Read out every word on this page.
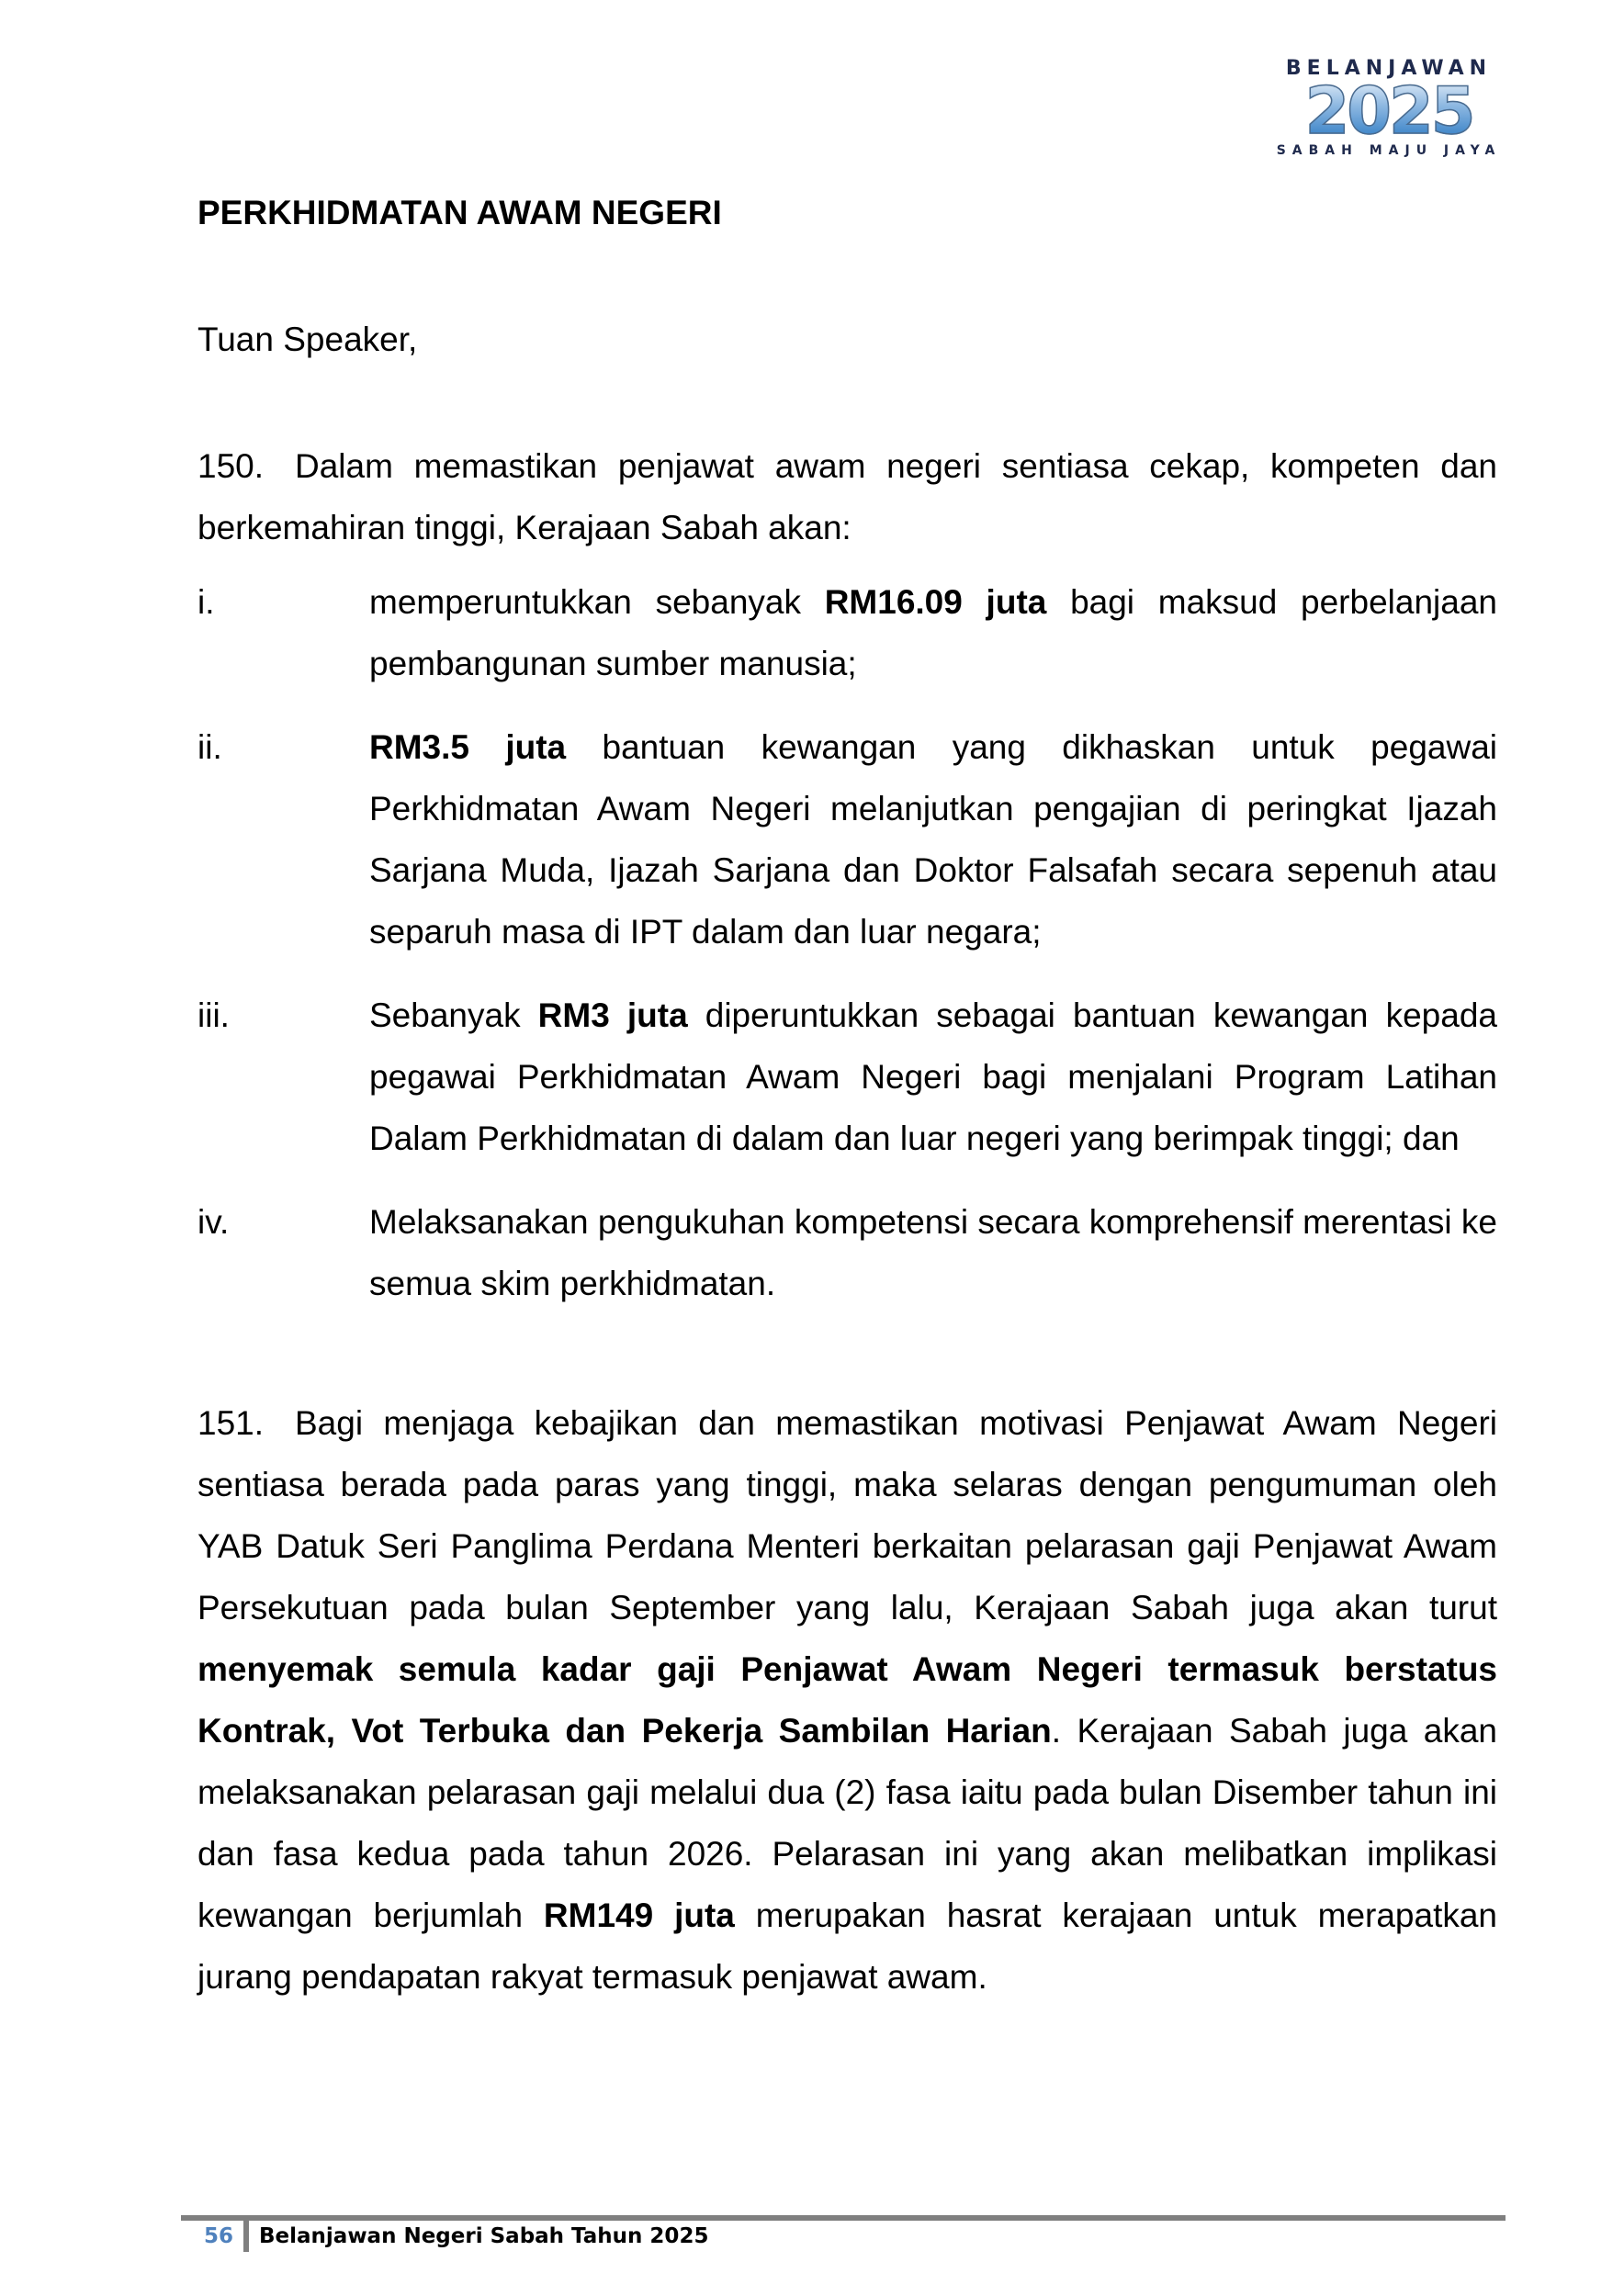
BELANJAWAN
2025
SABAH MAJU JAYA
PERKHIDMATAN AWAM NEGERI
Tuan Speaker,
150. Dalam memastikan penjawat awam negeri sentiasa cekap, kompeten dan berkemahiran tinggi, Kerajaan Sabah akan:
i.	memperuntukkan sebanyak RM16.09 juta bagi maksud perbelanjaan pembangunan sumber manusia;
ii.	RM3.5 juta bantuan kewangan yang dikhaskan untuk pegawai Perkhidmatan Awam Negeri melanjutkan pengajian di peringkat Ijazah Sarjana Muda, Ijazah Sarjana dan Doktor Falsafah secara sepenuh atau separuh masa di IPT dalam dan luar negara;
iii.	Sebanyak RM3 juta diperuntukkan sebagai bantuan kewangan kepada pegawai Perkhidmatan Awam Negeri bagi menjalani Program Latihan Dalam Perkhidmatan di dalam dan luar negeri yang berimpak tinggi; dan
iv.	Melaksanakan pengukuhan kompetensi secara komprehensif merentasi ke semua skim perkhidmatan.
151. Bagi menjaga kebajikan dan memastikan motivasi Penjawat Awam Negeri sentiasa berada pada paras yang tinggi, maka selaras dengan pengumuman oleh YAB Datuk Seri Panglima Perdana Menteri berkaitan pelarasan gaji Penjawat Awam Persekutuan pada bulan September yang lalu, Kerajaan Sabah juga akan turut menyemak semula kadar gaji Penjawat Awam Negeri termasuk berstatus Kontrak, Vot Terbuka dan Pekerja Sambilan Harian. Kerajaan Sabah juga akan melaksanakan pelarasan gaji melalui dua (2) fasa iaitu pada bulan Disember tahun ini dan fasa kedua pada tahun 2026. Pelarasan ini yang akan melibatkan implikasi kewangan berjumlah RM149 juta merupakan hasrat kerajaan untuk merapatkan jurang pendapatan rakyat termasuk penjawat awam.
56 Belanjawan Negeri Sabah Tahun 2025
